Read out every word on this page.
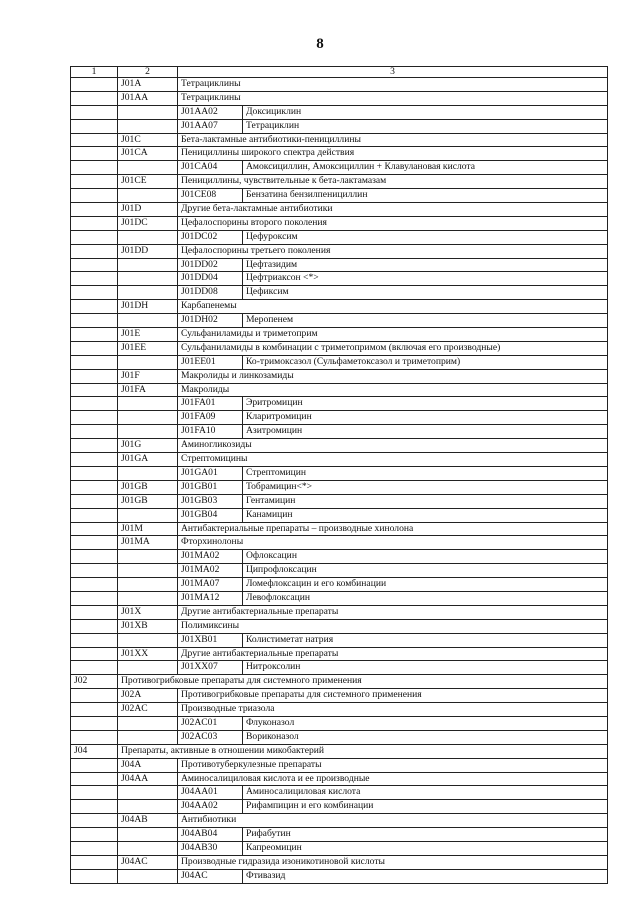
8
1	2	3	
	J01A	Тетрациклины	
	J01AA	Тетрациклины	
		J01AA02	Доксициклин
		J01AA07	Тетрациклин
	J01C	Бета-лактамные антибиотики-пенициллины	
	J01CA	Пенициллины широкого спектра действия	
		J01CA04	Амоксициллин, Амоксициллин + Клавулановая кислота
	J01CE	Пенициллины, чувствительные к бета-лактамазам	
		J01CE08	Бензатина бензилпенициллин
	J01D	Другие бета-лактамные антибиотики	
	J01DC	Цефалоспорины второго поколения	
		J01DC02	Цефуроксим
	J01DD	Цефалоспорины третьего поколения	
		J01DD02	Цефтазидим
		J01DD04	Цефтриаксон <*>
		J01DD08	Цефиксим
	J01DH	Карбапенемы	
		J01DH02	Меропенем
	J01E	Сульфаниламиды и триметоприм	
	J01EE	Сульфаниламиды в комбинации с триметопримом (включая его производные)	
		J01EE01	Ко-тримоксазол (Сульфаметоксазол и триметоприм)
	J01F	Макролиды и линкозамиды	
	J01FA	Макролиды	
		J01FA01	Эритромицин
		J01FA09	Кларитромицин
		J01FA10	Азитромицин
	J01G	Аминогликозиды	
	J01GA	Стрептомицины	
		J01GA01	Стрептомицин
	J01GB	J01GB01	Тобрамицин<*>
	J01GB	J01GB03	Гентамицин
		J01GB04	Канамицин
	J01M	Антибактериальные препараты – производные хинолона	
	J01MA	Фторхинолоны	
		J01MA02	Офлоксацин
		J01MA02	Ципрофлоксацин
		J01MA07	Ломефлоксацин и его комбинации
		J01MA12	Левофлоксацин
	J01X	Другие антибактериальные препараты	
	J01XB	Полимиксины	
		J01XB01	Колистиметат натрия
	J01XX	Другие антибактериальные препараты	
		J01XX07	Нитроксолин
J02	Противогрибковые препараты для системного применения		
	J02A	Противогрибковые препараты для системного применения	
	J02AC	Производные триазола	
		J02AC01	Флуконазол
		J02AC03	Вориконазол
J04	Препараты, активные в отношении микобактерий		
	J04A	Противотуберкулезные препараты	
	J04AA	Аминосалициловая кислота и ее производные	
		J04AA01	Аминосалициловая кислота
		J04AA02	Рифампицин и его комбинации
	J04AB	Антибиотики	
		J04AB04	Рифабутин
		J04AB30	Капреомицин
	J04AC	Производные гидразида изоникотиновой кислоты	
		J04AC	Фтивазид
